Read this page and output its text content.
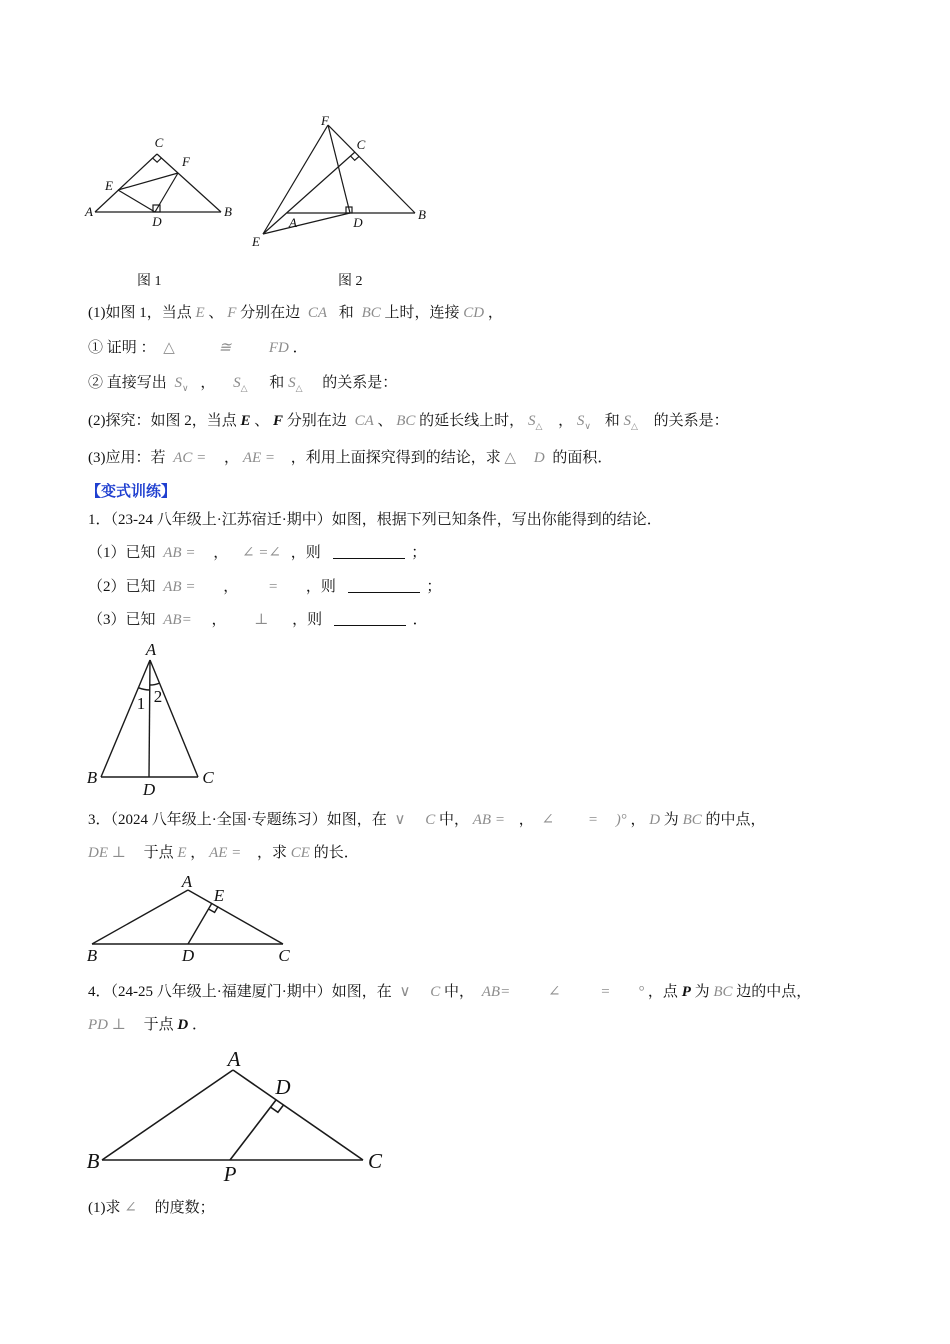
C
F
E
A
D
B
F
C
A	D
B
E
A
1 2
B	C
D
A
E
B	D	C
A
D
B
P
C
图 1	图 2
(1)如图 1，当点 E 、 F 分别在边 CA 和 BC 上时，连接 CD ，
① 证明 ： △	≅	FD ．
② 直接写出 $S_\vee$ ， $S_\triangle$ 和 $S_\triangle$ 的关系是：
(2)探究：如图 2，当点 E 、 F 分别在边 CA 、 BC 的延长线上时， $S_\triangle$ ， $S_\vee$ 和 $S_\triangle$ 的关系是：
(3)应用：若 AC = ， AE = ，利用上面探究得到的结论，求 △ D 的面积．
【变式训练】
1．（23-24 八年级上·江苏宿迁·期中）如图，根据下列已知条件，写出你能得到的结论．
（1）已知 AB = ， ∠ =∠ ，则	；
（2）已知 AB = ， = ，则	；
（3）已知 AB= ， ⊥ ，则	．
3．（2024 八年级上·全国·专题练习）如图，在 ∨ C 中， AB = ， ∠ = )° ， D 为 BC 的中点，
DE ⊥ 于点 E ， AE = ，求 CE 的长．
4．（24-25 八年级上·福建厦门·期中）如图，在 ∨ C 中， AB=	∠	= ° ，点 P 为 BC 边的中点，
PD ⊥ 于点 D ．
(1)求 ∠ 的度数；
